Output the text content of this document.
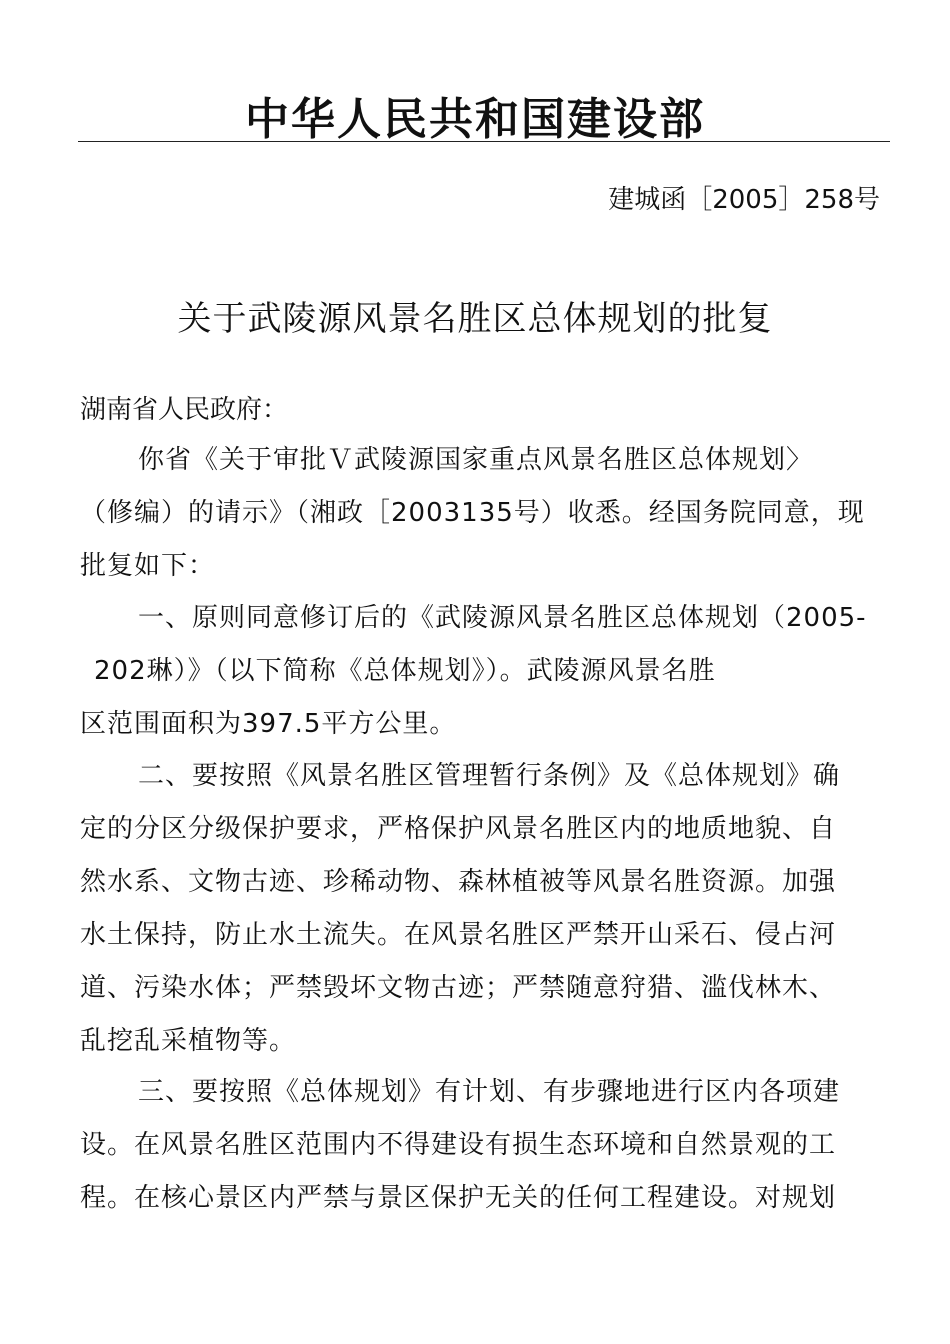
中华人民共和国建设部
建城函［2005］258号
关于武陵源风景名胜区总体规划的批复
湖南省人民政府：
你省《关于审批Ｖ武陵源国家重点风景名胜区总体规划〉
（修编）的请示》（湘政［2003135号）收悉。经国务院同意，现
批复如下：
一、原则同意修订后的《武陵源风景名胜区总体规划（2005-
202琳）》（以下简称《总体规划》）。武陵源风景名胜
区范围面积为397.5平方公里。
二、要按照《风景名胜区管理暂行条例》及《总体规划》确
定的分区分级保护要求，严格保护风景名胜区内的地质地貌、自
然水系、文物古迹、珍稀动物、森林植被等风景名胜资源。加强
水土保持，防止水土流失。在风景名胜区严禁开山采石、侵占河
道、污染水体；严禁毁坏文物古迹；严禁随意狩猎、滥伐林木、
乱挖乱采植物等。
三、要按照《总体规划》有计划、有步骤地进行区内各项建
设。在风景名胜区范围内不得建设有损生态环境和自然景观的工
程。在核心景区内严禁与景区保护无关的任何工程建设。对规划
